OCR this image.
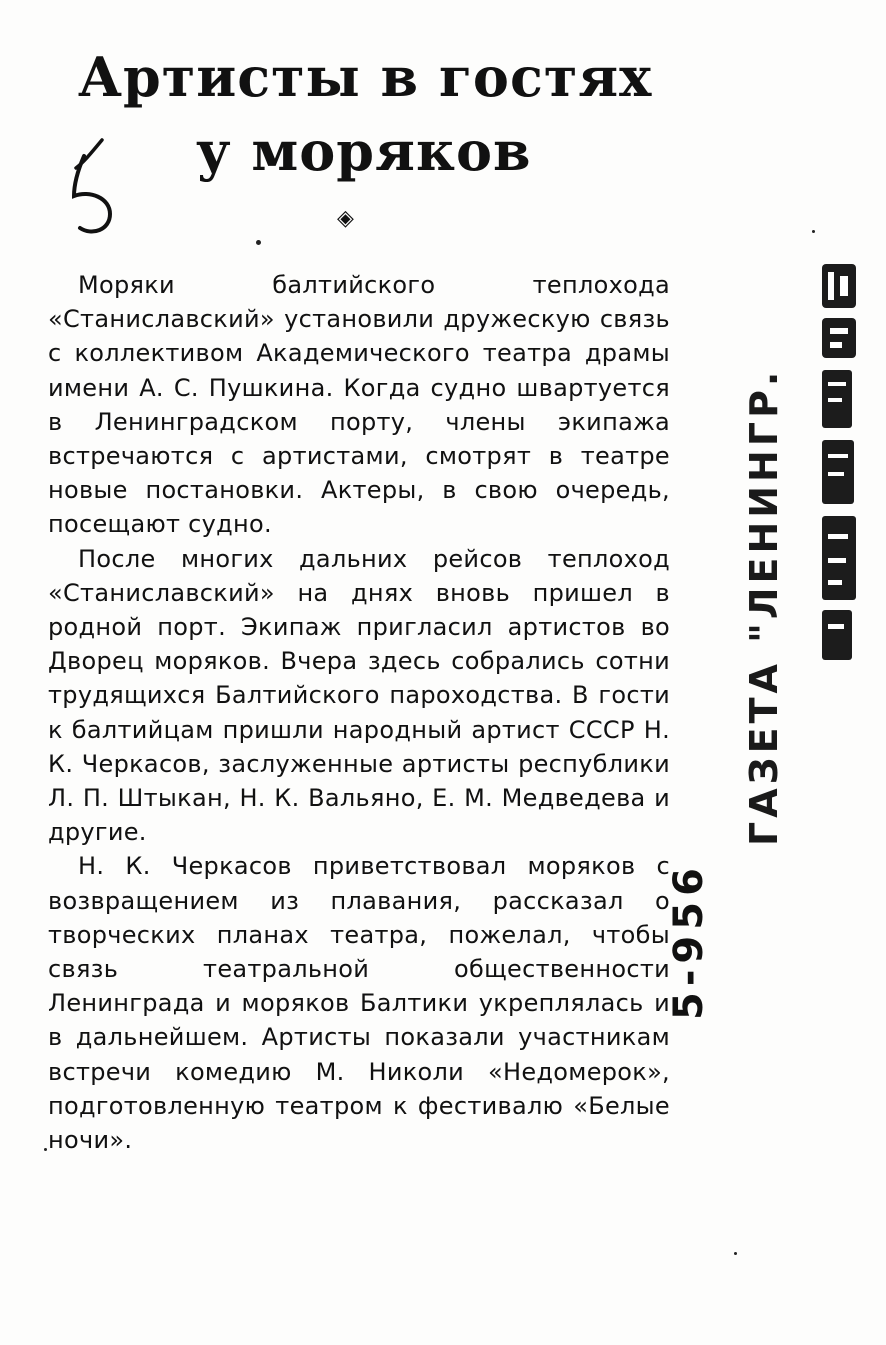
Артисты в гостях
у моряков
◈

Моряки балтийского теплохода «Станиславский» установили дружескую связь с коллективом Академического театра драмы имени А. С. Пушкина. Когда судно швартуется в Ленинградском порту, члены экипажа встречаются с артистами, смотрят в театре новые постановки. Актеры, в свою очередь, посещают судно.

После многих дальних рейсов теплоход «Станиславский» на днях вновь пришел в родной порт. Экипаж пригласил артистов во Дворец моряков. Вчера здесь собрались сотни трудящихся Балтийского пароходства. В гости к балтийцам пришли народный артист СССР Н. К. Черкасов, заслуженные артисты республики Л. П. Штыкан, Н. К. Вальяно, Е. М. Медведева и другие.

Н. К. Черкасов приветствовал моряков с возвращением из плавания, рассказал о творческих планах театра, пожелал, чтобы связь театральной общественности Ленинграда и моряков Балтики укреплялась и в дальнейшем. Артисты показали участникам встречи комедию М. Николи «Недомерок», подготовленную театром к фестивалю «Белые ночи».

ГАЗЕТА "ЛЕНИНГР.
5-956
